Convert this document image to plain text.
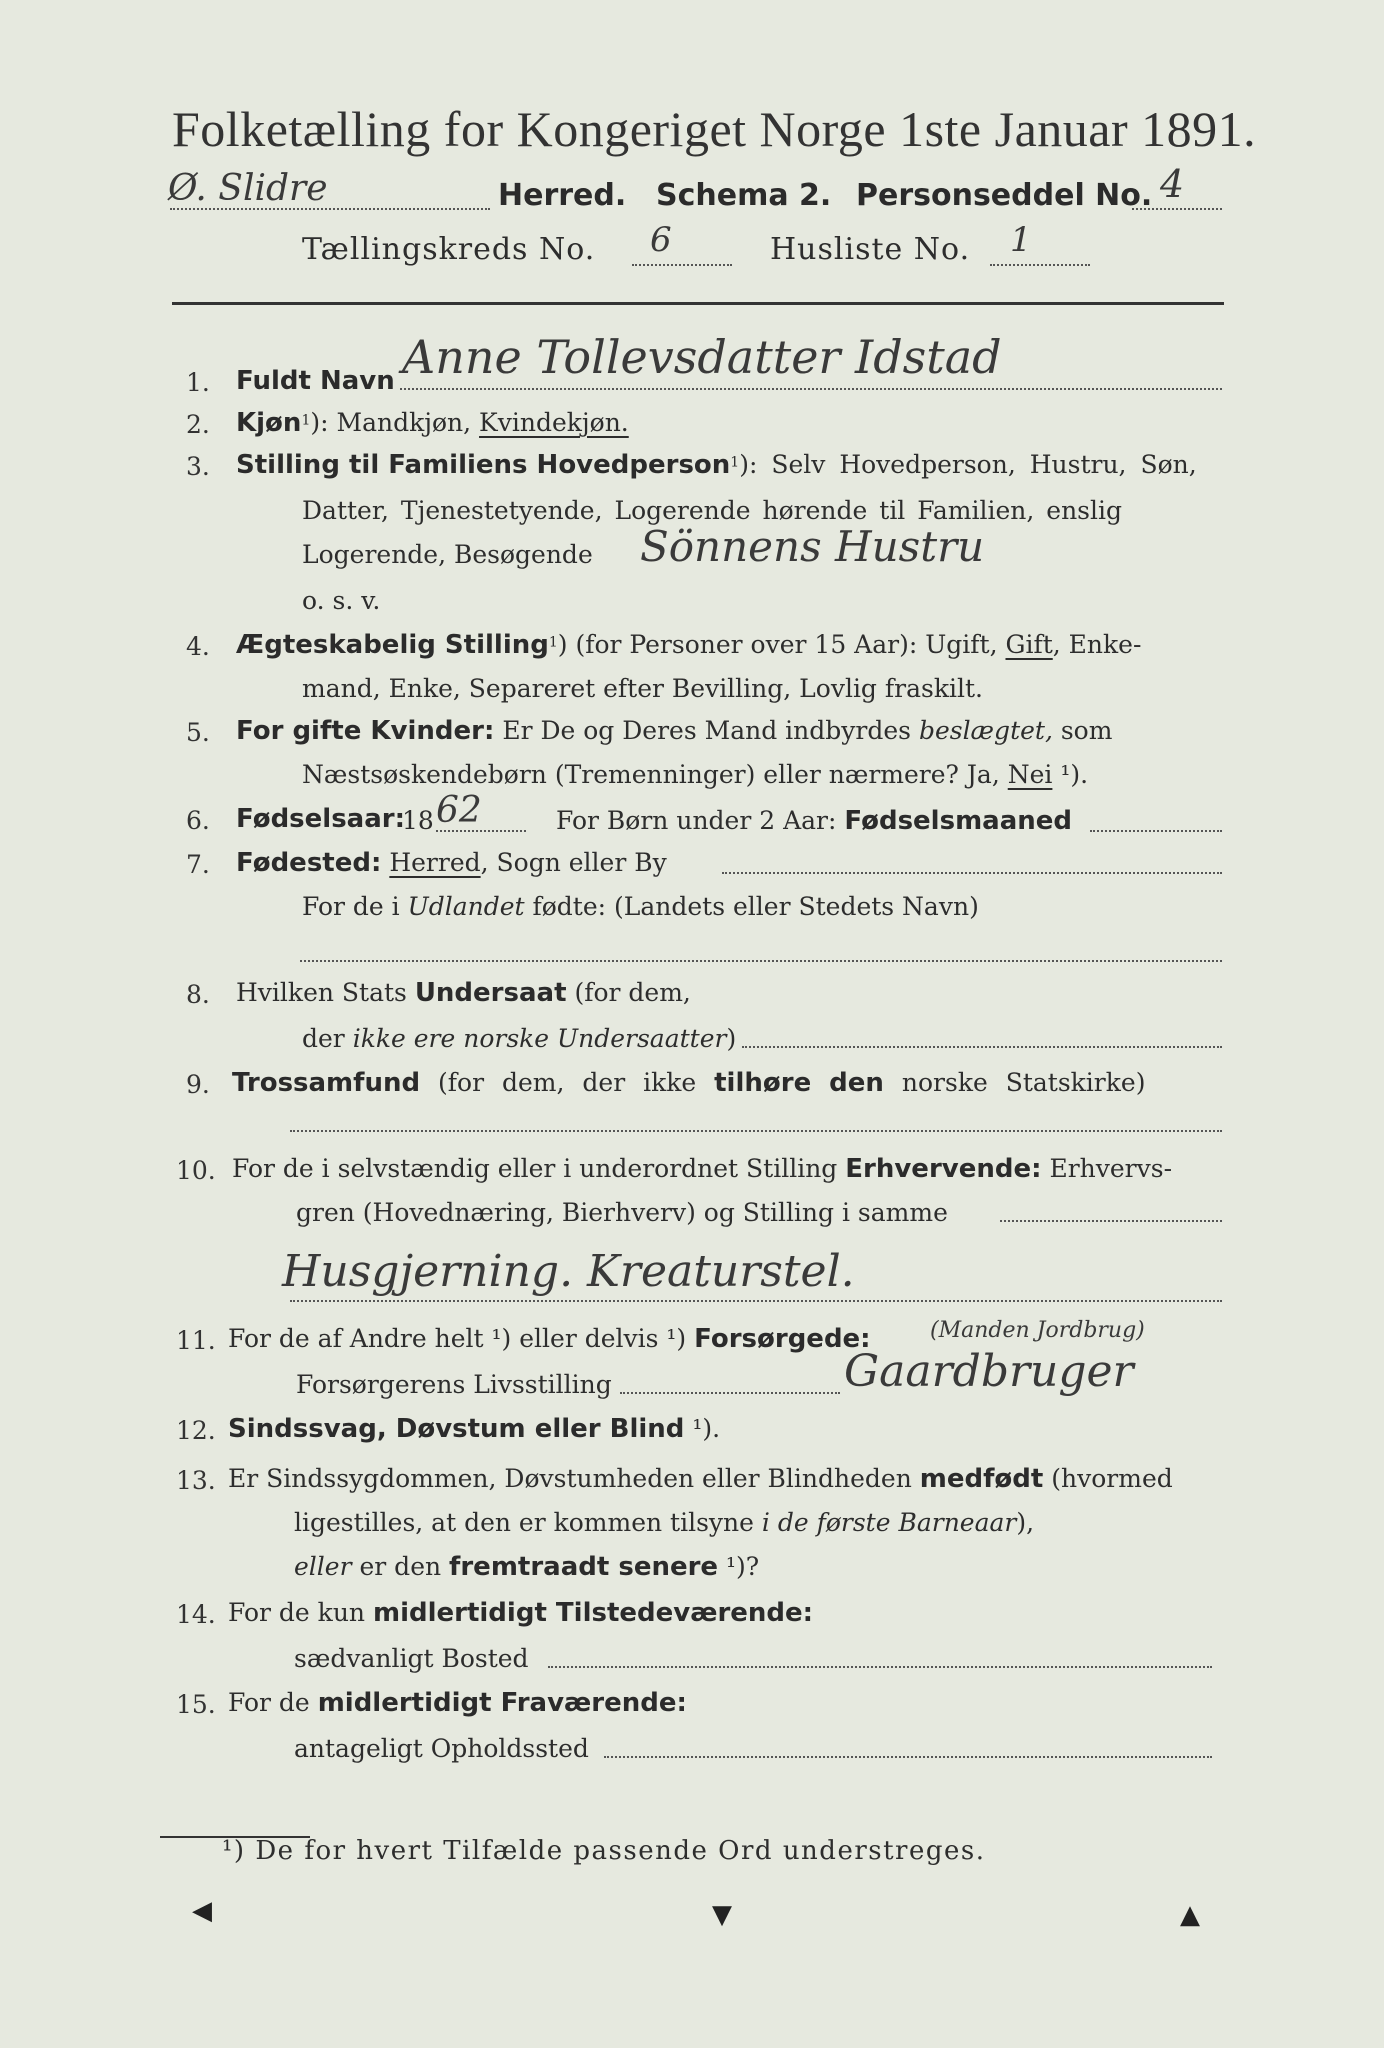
Folketælling for Kongeriget Norge 1ste Januar 1891.
Ø. Slidre	Herred. Schema 2. Personseddel No. 4
Tællingskreds No. 6	Husliste No. 1
1. Fuldt Navn Anne Tollevsdatter Idstad
2. Kjøn$^1$): Mandkjøn, Kvindekjøn.
3. Stilling til Familiens Hovedperson$^1$): Selv Hovedperson, Hustru, Søn,
Datter, Tjenestetyende, Logerende hørende til Familien, enslig
Logerende, Besøgende Sönnens Hustru
o. s. v.
4. Ægteskabelig Stilling$^1$) (for Personer over 15 Aar): Ugift, Gift, Enke-
mand, Enke, Separeret efter Bevilling, Lovlig fraskilt.
5. For gifte Kvinder: Er De og Deres Mand indbyrdes beslægtet, som
Næstsøskendebørn (Tremenninger) eller nærmere? Ja, Nei ¹).
6. Fødselsaar:
18 62	For Børn under 2 Aar: Fødselsmaaned
7. Fødested: Herred, Sogn eller By
For de i Udlandet fødte: (Landets eller Stedets Navn)
8. Hvilken Stats Undersaat (for dem,
der ikke ere norske Undersaatter)
9. Trossamfund (for dem, der ikke tilhøre den norske Statskirke)
10. For de i selvstændig eller i underordnet Stilling Erhvervende: Erhvervs-
gren (Hovednæring, Bierhverv) og Stilling i samme
Husgjerning. Kreaturstel.
11. For de af Andre helt ¹) eller delvis ¹) Forsørgede:	(Manden Jordbrug)
Forsørgerens Livsstilling	Gaardbruger
12. Sindssvag, Døvstum eller Blind ¹).
13. Er Sindssygdommen, Døvstumheden eller Blindheden medfødt (hvormed
ligestilles, at den er kommen tilsyne i de første Barneaar),
eller er den fremtraadt senere ¹)?
14. For de kun midlertidigt Tilstedeværende:
sædvanligt Bosted
15. For de midlertidigt Fraværende:
antageligt Opholdssted
¹) De for hvert Tilfælde passende Ord understreges.
◀	▼	▲
